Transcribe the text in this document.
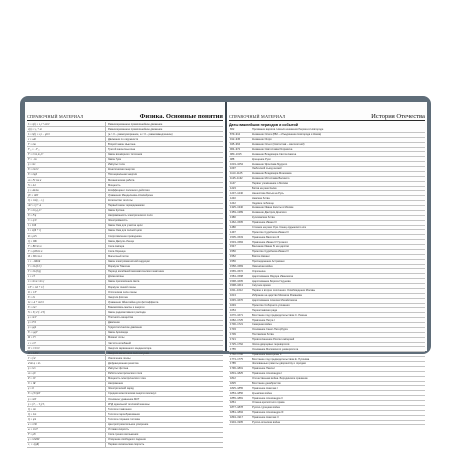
СПРАВОЧНЫЙ МАТЕРИАЛ	Физика. Основные понятия
S = s(t) = v₀t + at²/2	Равнопеременное прямолинейное движение
v(t) = v₀ + at	Равнопеременное прямолинейное движение
h = h(t) = v₀t − gt²/2	(a > 0 – равноускоренное, a < 0 – равнозамедленное)
v = ωR	Движение по окружности
F = ma	Второй закон Ньютона
F₁₂ = −F₂₁	Третий закон Ньютона
F = G·m₁m₂/r²	Закон всемирного тяготения
F = −kx	Закон Гука
p = mv	Импульс тела
E = mv²/2	Кинетическая энергия
E = mgh	Потенциальная энергия
A = Fs·cos α	Механическая работа
N = A/t	Мощность
η = Aп/Aз	Коэффициент полезного действия
pV = νRT	Уравнение Менделеева–Клапейрона
Q = cm(t₂ − t₁)	Количество теплоты
ΔU = Q + A	Первый закон термодинамики
F = k·q₁q₂/r²	Закон Кулона
E = F/q	Напряжённость электрического поля
C = q/U	Электроёмкость
I = U/R	Закон Ома для участка цепи
I = ε/(R + r)	Закон Ома для полной цепи
R = ρl/S	Сопротивление проводника
Q = I²Rt	Закон Джоуля–Ленца
F = BIl·sin α	Сила Ампера
F = qvB·sin α	Сила Лоренца
Φ = BS·cos α	Магнитный поток
ε = −ΔΦ/Δt	Закон электромагнитной индукции
T = 2π√(LC)	Формула Томсона
T = 2π√(l/g)	Период колебаний математического маятника
λ = vT	Длина волны
n = sin α / sin γ	Закон преломления света
1/F = 1/d + 1/f	Формула тонкой линзы
D = 1/F	Оптическая сила линзы
E = hν	Энергия фотона
hν = A + mv²/2	Уравнение Эйнштейна для фотоэффекта
E = mc²	Взаимосвязь массы и энергии
N = N₀·2^(−t/T)	Закон радиоактивного распада
ρ = m/V	Плотность вещества
p = F/S	Давление
p = ρgh	Гидростатическое давление
Fₐ = ρgV	Закон Архимеда
M = Fl	Момент силы
ν = 1/T	Частота колебаний
W = CU²/2	Энергия заряженного конденсатора
W = LI²/2	Энергия магнитного поля катушки
Γ = f/d	Увеличение линзы
d·sin φ = kλ	Дифракционная решётка
p = h/λ	Импульс фотона
A = qU	Работа электрического поля
P = UI	Мощность электрического тока
U = IR	Напряжение
q = It	Электрический заряд
E = (3/2)kT	Средняя кинетическая энергия молекул
p = nkT	Основное уравнение МКТ
η = (T₁ − T₂)/T₁	КПД идеальной тепловой машины
Q = λm	Теплота плавления
Q = Lm	Теплота парообразования
Q = qm	Теплота сгорания топлива
a = v²/R	Центростремительное ускорение
ω = 2π/T	Угловая скорость
F = μN	Сила трения скольжения
g = GM/R²	Ускорение свободного падения
v₁ = √(gR)	Первая космическая скорость
СПРАВОЧНЫЙ МАТЕРИАЛ	История Отечества
Даты важнейших периодов и событий
862	Призвание варягов. Начало княжения Рюрика в Новгороде
879–912	Княжение Олега (882 – объединение Новгорода и Киева)
912–945	Княжение Игоря
945–964	Княжение Ольги (Святослав – малолетний)
964–972	Княжение Святослава Игоревича
980–1015	Княжение Владимира Святославича
988	Крещение Руси
1019–1054	Княжение Ярослава Мудрого
1097	Любечский съезд князей
1113–1125	Княжение Владимира Мономаха
1125–1132	Княжение Мстислава Великого
1147	Первое упоминание о Москве
1223	Битва на реке Калке
1237–1240	Нашествие Батыя на Русь
1240	Невская битва
1242	Ледовое побоище
1325–1340	Княжение Ивана Калиты в Москве
1359–1389	Княжение Дмитрия Донского
1380	Куликовская битва
1462–1505	Правление Ивана III
1480	Стояние на реке Угре. Конец ордынского ига
1497	Принятие Судебника Ивана III
1505–1533	Правление Василия III
1533–1584	Правление Ивана IV Грозного
1547	Венчание Ивана IV на царство
1550	Принятие Судебника Ивана IV
1552	Взятие Казани
1556	Присоединение Астрахани
1558–1583	Ливонская война
1565–1572	Опричнина
1584–1598	Царствование Фёдора Ивановича
1598–1605	Царствование Бориса Годунова
1598–1613	Смутное время
1611–1612	Первое и второе ополчения. Освобождение Москвы
1613	Избрание на царство Михаила Романова
1645–1676	Царствование Алексея Михайловича
1649	Принятие Соборного уложения
1654	Переяславская рада
1670–1671	Восстание под предводительством С. Разина
1682–1725	Правление Петра I
1700–1721	Северная война
1703	Основание Санкт-Петербурга
1709	Полтавская битва
1721	Провозглашение России империей
1725–1762	Эпоха дворцовых переворотов
1755	Основание Московского университета
1762–1796	Правление Екатерины II
1773–1775	Восстание под предводительством Е. Пугачёва
1785	Жалованные грамоты дворянству и городам
1796–1801	Правление Павла I
1801–1825	Правление Александра I
1812	Отечественная война. Бородинское сражение
1825	Восстание декабристов
1825–1855	Правление Николая I
1853–1856	Крымская война
1855–1881	Правление Александра II
1861	Отмена крепостного права
1877–1878	Русско-турецкая война
1881–1894	Правление Александра III
1894–1917	Правление Николая II
1904–1905	Русско-японская война
